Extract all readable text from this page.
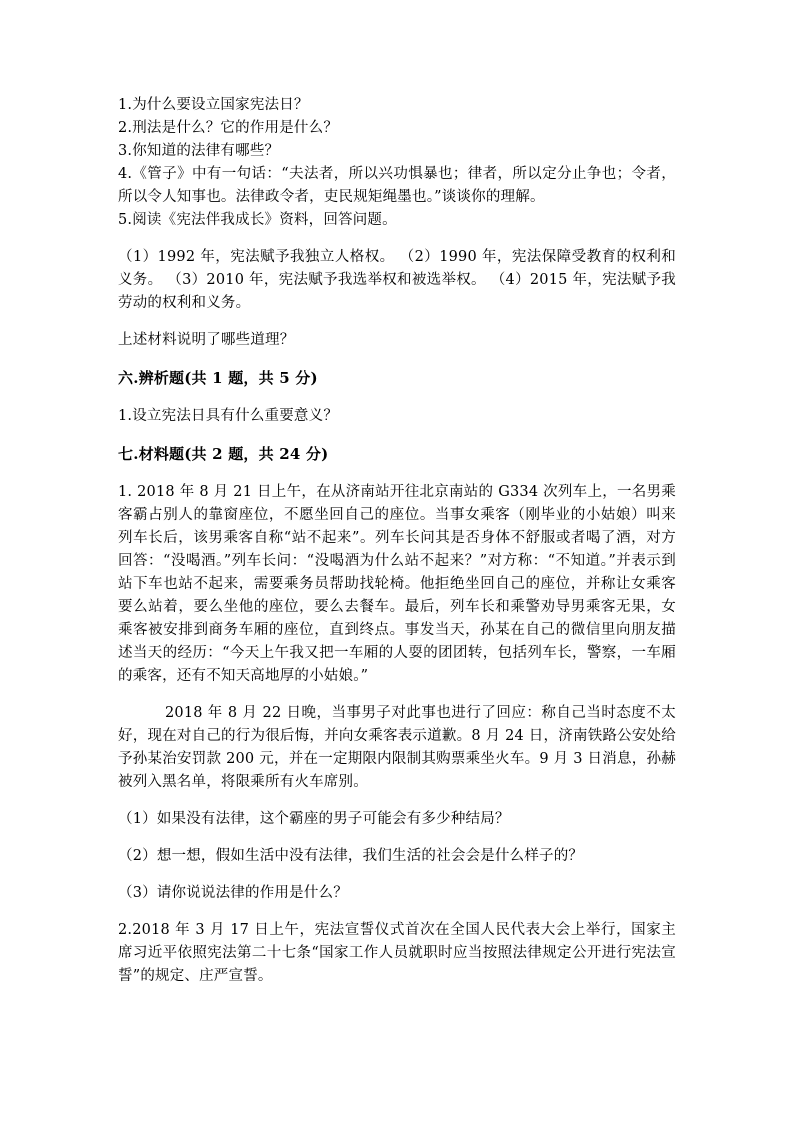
1.为什么要设立国家宪法日？

2.刑法是什么？它的作用是什么？

3.你知道的法律有哪些？

4.《管子》中有一句话：“夫法者，所以兴功惧暴也；律者，所以定分止争也；令者，所以令人知事也。法律政令者，吏民规矩绳墨也。”谈谈你的理解。

5.阅读《宪法伴我成长》资料，回答问题。

（1）1992 年，宪法赋予我独立人格权。 （2）1990 年，宪法保障受教育的权利和义务。 （3）2010 年，宪法赋予我选举权和被选举权。 （4）2015 年，宪法赋予我劳动的权利和义务。

上述材料说明了哪些道理？

六.辨析题(共 1 题，共 5 分)

1.设立宪法日具有什么重要意义？

七.材料题(共 2 题，共 24 分)

1. 2018 年 8 月 21 日上午，在从济南站开往北京南站的 G334 次列车上，一名男乘客霸占别人的靠窗座位，不愿坐回自己的座位。当事女乘客（刚毕业的小姑娘）叫来列车长后，该男乘客自称“站不起来”。列车长问其是否身体不舒服或者喝了酒，对方回答：“没喝酒。”列车长问：“没喝酒为什么站不起来？”对方称：“不知道。”并表示到站下车也站不起来，需要乘务员帮助找轮椅。他拒绝坐回自己的座位，并称让女乘客要么站着，要么坐他的座位，要么去餐车。最后，列车长和乘警劝导男乘客无果，女乘客被安排到商务车厢的座位，直到终点。事发当天，孙某在自己的微信里向朋友描述当天的经历：“今天上午我又把一车厢的人耍的团团转，包括列车长，警察，一车厢的乘客，还有不知天高地厚的小姑娘。”

2018 年 8 月 22 日晚，当事男子对此事也进行了回应：称自己当时态度不太好，现在对自己的行为很后悔，并向女乘客表示道歉。8 月 24 日，济南铁路公安处给予孙某治安罚款 200 元，并在一定期限内限制其购票乘坐火车。9 月 3 日消息，孙赫被列入黑名单，将限乘所有火车席别。

（1）如果没有法律，这个霸座的男子可能会有多少种结局？

（2）想一想，假如生活中没有法律，我们生活的社会会是什么样子的？

（3）请你说说法律的作用是什么？

2.2018 年 3 月 17 日上午，宪法宣誓仪式首次在全国人民代表大会上举行，国家主席习近平依照宪法第二十七条“国家工作人员就职时应当按照法律规定公开进行宪法宣誓”的规定、庄严宣誓。
